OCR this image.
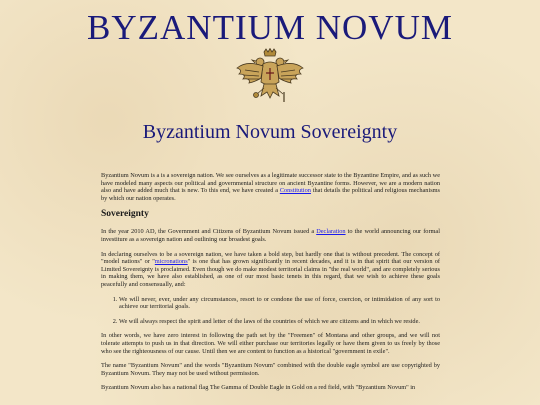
BYZANTIUM NOVUM
Byzantium Novum Sovereignty

Byzantium Novum is a is a sovereign nation. We see ourselves as a legitimate successor state to the Byzantine Empire, and as such we have modeled many aspects our political and governmental structure on ancient Byzantine forms. However, we are a modern nation also and have added much that is new. To this end, we have created a Constitution that details the political and religious mechanisms by which our nation operates.

Sovereignty

In the year 2010 AD, the Government and Citizens of Byzantium Novum issued a Declaration to the world announcing our formal investiture as a sovereign nation and outlining our broadest goals.

In declaring ourselves to be a sovereign nation, we have taken a bold step, but hardly one that is without precedent. The concept of "model nations" or "micronations" is one that has grown significantly in recent decades, and it is in that spirit that our version of Limited Sovereignty is proclaimed. Even though we do make modest territorial claims in "the real world", and are completely serious in making them, we have also established, as one of our most basic tenets in this regard, that we wish to achieve these goals peacefully and consensually, and:

1. We will never, ever, under any circumstances, resort to or condone the use of force, coercion, or intimidation of any sort to achieve our territorial goals.
2. We will always respect the spirit and letter of the laws of the countries of which we are citizens and in which we reside.

In other words, we have zero interest in following the path set by the "Freemen" of Montana and other groups, and we will not tolerate attempts to push us in that direction. We will either purchase our territories legally or have them given to us freely by those who see the righteousness of our cause. Until then we are content to function as a historical "government in exile".

The name "Byzantium Novum" and the words "Byzantium Novum" combined with the double eagle symbol are use copyrighted by Byzantium Novum. They may not be used without permission.

Byzantium Novum also has a national flag The Gamma of Double Eagle in Gold on a red field, with "Byzantium Novum" in
